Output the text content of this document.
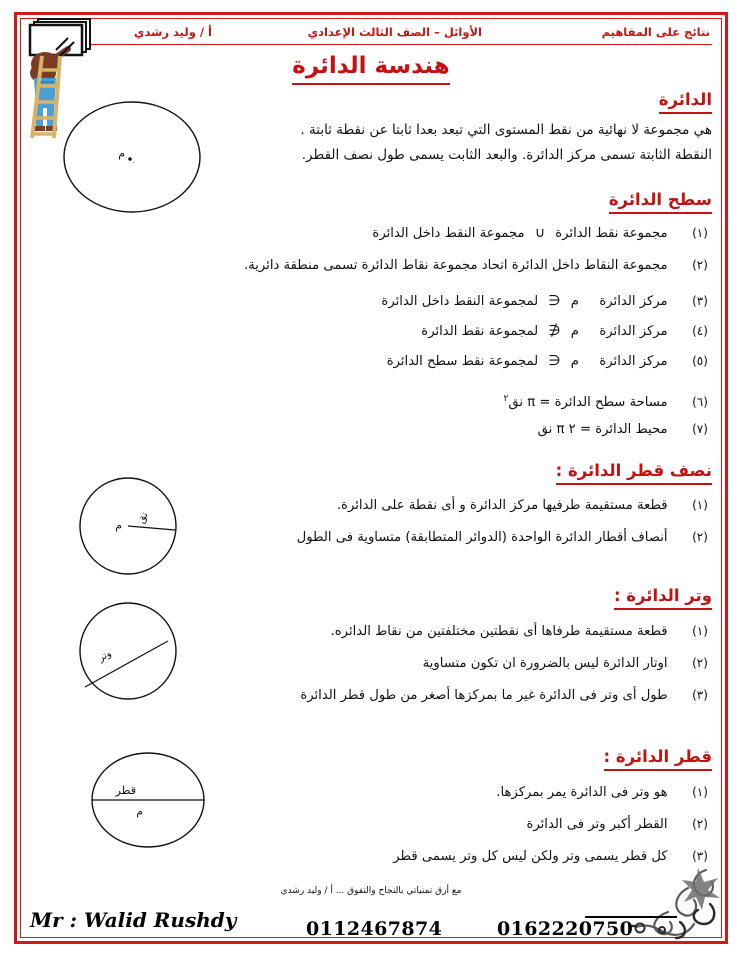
نتائج على المفاهيم
الأوائل – الصف الثالث الإعدادي
أ / وليد رشدي
هندسة الدائرة
الدائرة
هي مجموعة لا نهائية من نقط المستوى التي تبعد بعدا ثابتا عن نقطة ثابتة .
النقطة الثابتة تسمى مركز الدائرة. والبعد الثابت يسمى طول نصف القطر.
م
.
سطح الدائرة
(١)  مجموعة نقط الدائرة ∪ مجموعة النقط داخل الدائرة
(٢)  مجموعة النقاط داخل الدائرة اتحاد مجموعة نقاط الدائرة تسمى منطقة دائرية.
(٣)  مركز الدائرة  م ∈ لمجموعة النقط داخل الدائرة
(٤)  مركز الدائرة  م ∉ لمجموعة نقط الدائرة
(٥)  مركز الدائرة  م ∈ لمجموعة نقط سطح الدائرة
(٦)  مساحة سطح الدائرة = π نق$^٢$
(٧)  محيط الدائرة = ٢ π نق
نصف قطر الدائرة :
(١)  قطعة مستقيمة طرفيها مركز الدائرة و أى نقطة على الدائرة.
(٢)  أنصاف أقطار الدائرة الواحدة (الدوائر المتطابقة) متساوية فى الطول
م
نق
وتر الدائرة :
(١)  قطعة مستقيمة طرفاها أى نقطتين مختلفتين من نقاط الدائره.
(٢)  اوتار الدائرة ليس بالضرورة ان تكون متساوية
(٣)  طول أى وتر فى الدائرة غير ما بمركزها أصغر من طول قطر الدائرة
وتر
قطر الدائرة :
(١)  هو وتر فى الدائرة يمر بمركزها.
(٢)  القطر أكبر وتر فى الدائرة
(٣)  كل قطر يسمى وتر ولكن ليس كل وتر يسمى قطر
قطر
م
مع أرق تمنياتي بالنجاح والتفوق ... أ / وليد رشدي
Mr : Walid Rushdy	0112467874	0162220750
